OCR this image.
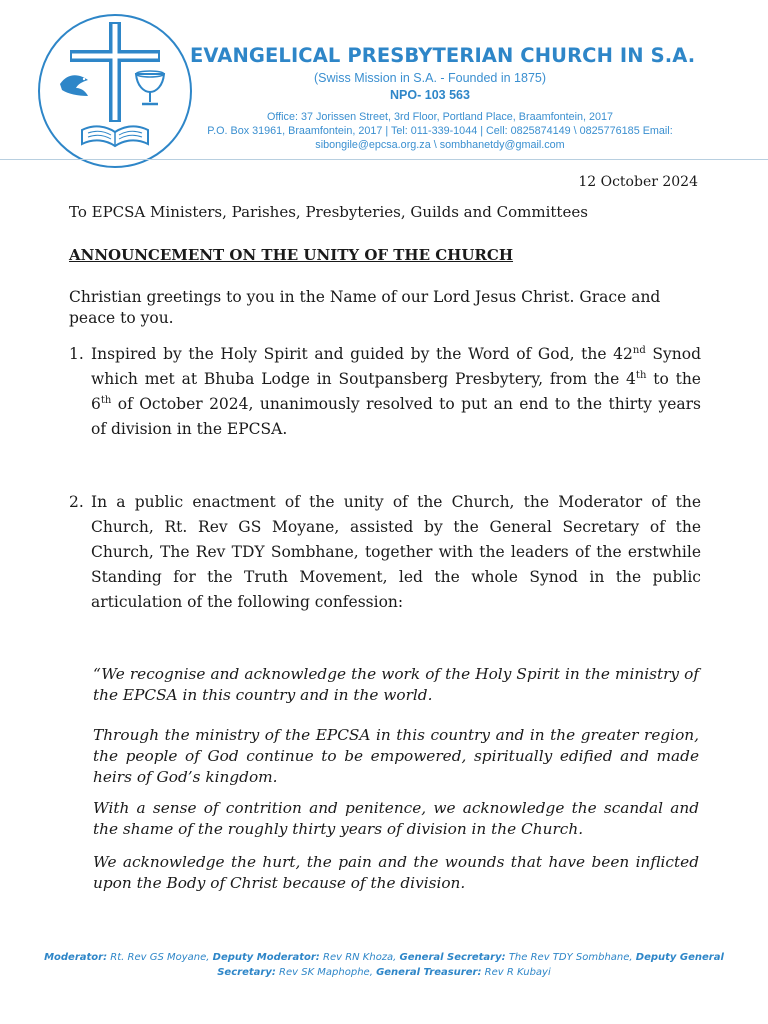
EVANGELICAL PRESBYTERIAN CHURCH IN S.A.
(Swiss Mission in S.A. - Founded in 1875)
NPO- 103 563
Office: 37 Jorissen Street, 3rd Floor, Portland Place, Braamfontein, 2017
P.O. Box 31961, Braamfontein, 2017 | Tel: 011-339-1044 | Cell: 0825874149 \ 0825776185 Email:
sibongile@epcsa.org.za \ sombhanetdy@gmail.com
12 October 2024
To EPCSA Ministers, Parishes, Presbyteries, Guilds and Committees
ANNOUNCEMENT ON THE UNITY OF THE CHURCH
Christian greetings to you in the Name of our Lord Jesus Christ. Grace and peace to you.
1. Inspired by the Holy Spirit and guided by the Word of God, the 42nd Synod which met at Bhuba Lodge in Soutpansberg Presbytery, from the 4th to the 6th of October 2024, unanimously resolved to put an end to the thirty years of division in the EPCSA.
2. In a public enactment of the unity of the Church, the Moderator of the Church, Rt. Rev GS Moyane, assisted by the General Secretary of the Church, The Rev TDY Sombhane, together with the leaders of the erstwhile Standing for the Truth Movement, led the whole Synod in the public articulation of the following confession:
“We recognise and acknowledge the work of the Holy Spirit in the ministry of the EPCSA in this country and in the world.
Through the ministry of the EPCSA in this country and in the greater region, the people of God continue to be empowered, spiritually edified and made heirs of God’s kingdom.
With a sense of contrition and penitence, we acknowledge the scandal and the shame of the roughly thirty years of division in the Church.
We acknowledge the hurt, the pain and the wounds that have been inflicted upon the Body of Christ because of the division.
Moderator: Rt. Rev GS Moyane, Deputy Moderator: Rev RN Khoza, General Secretary: The Rev TDY Sombhane, Deputy General Secretary: Rev SK Maphophe, General Treasurer: Rev R Kubayi
